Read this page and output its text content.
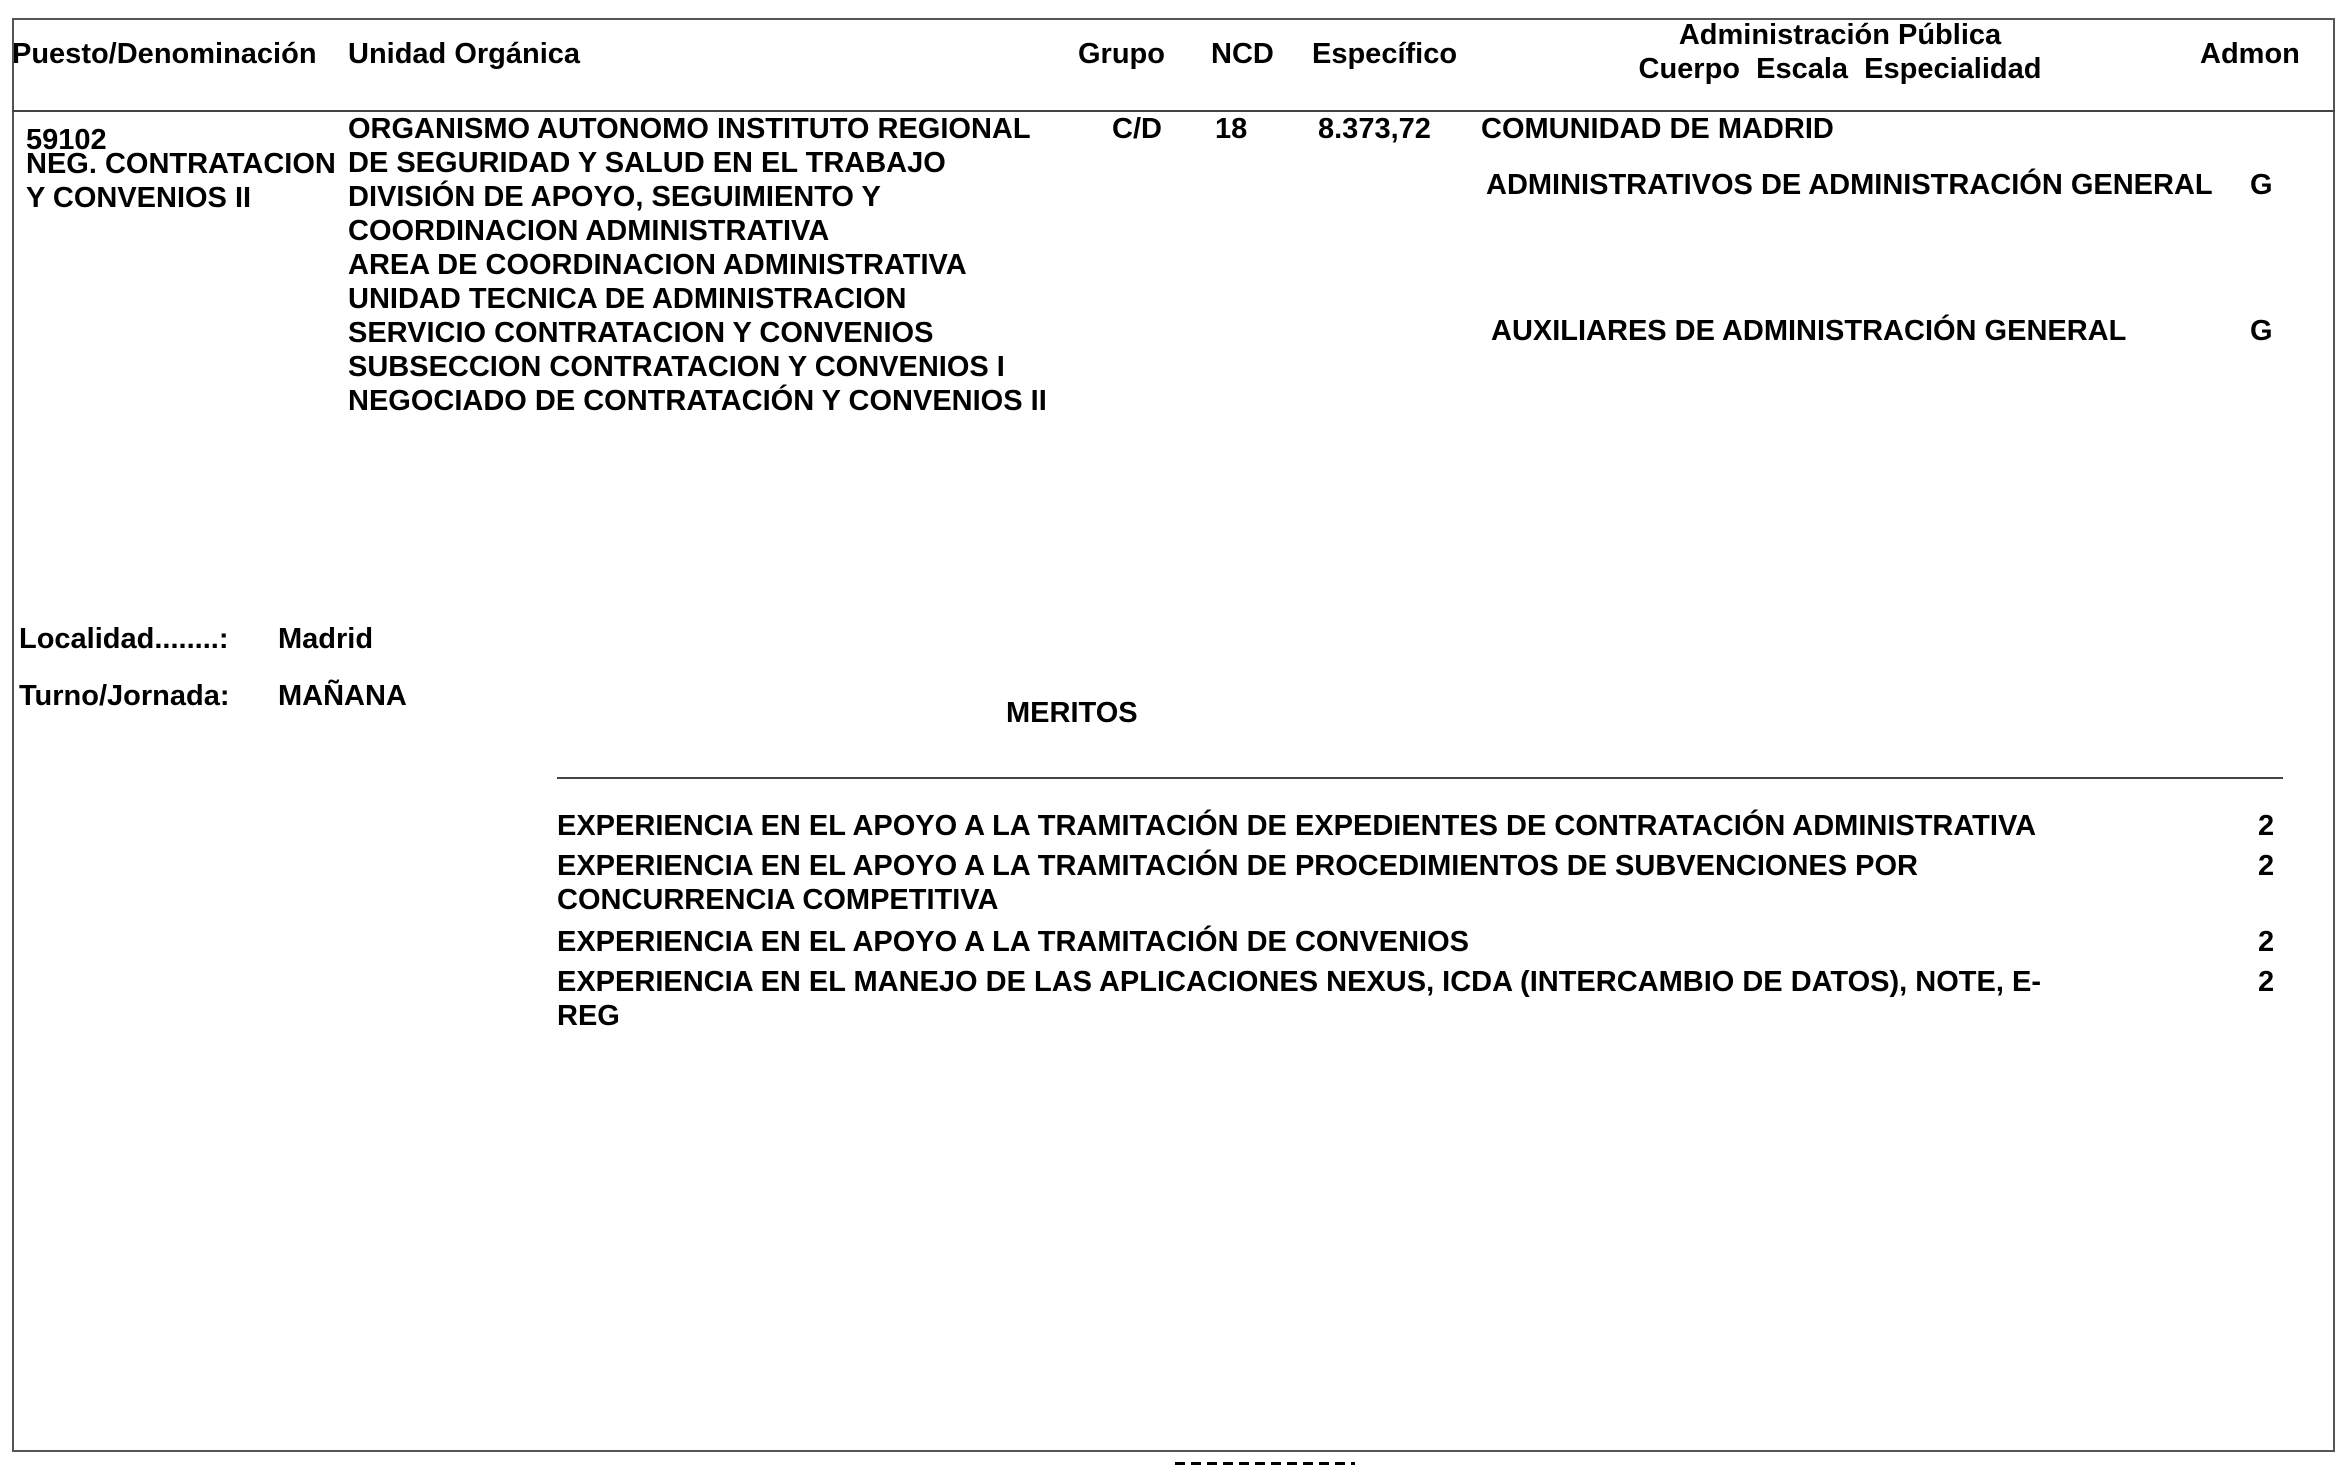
Puesto/Denominación Unidad Orgánica	Grupo NCD Específico
Administración Pública
Cuerpo  Escala  Especialidad	Admon
59102
NEG. CONTRATACION
Y CONVENIOS II
ORGANISMO AUTONOMO INSTITUTO REGIONAL
DE SEGURIDAD Y SALUD EN EL TRABAJO
DIVISIÓN DE APOYO, SEGUIMIENTO Y
COORDINACION ADMINISTRATIVA
AREA DE COORDINACION ADMINISTRATIVA
UNIDAD TECNICA DE ADMINISTRACION
SERVICIO CONTRATACION Y CONVENIOS
SUBSECCION CONTRATACION Y CONVENIOS I
NEGOCIADO DE CONTRATACIÓN Y CONVENIOS II
C/D 18 8.373,72 COMUNIDAD DE MADRID
ADMINISTRATIVOS DE ADMINISTRACIÓN GENERAL G
AUXILIARES DE ADMINISTRACIÓN GENERAL	G
Localidad........: Madrid
Turno/Jornada: MAÑANA
MERITOS
EXPERIENCIA EN EL APOYO A LA TRAMITACIÓN DE EXPEDIENTES DE CONTRATACIÓN ADMINISTRATIVA	2
EXPERIENCIA EN EL APOYO A LA TRAMITACIÓN DE PROCEDIMIENTOS DE SUBVENCIONES POR
CONCURRENCIA COMPETITIVA
2
EXPERIENCIA EN EL APOYO A LA TRAMITACIÓN DE CONVENIOS	2
EXPERIENCIA EN EL MANEJO DE LAS APLICACIONES NEXUS, ICDA (INTERCAMBIO DE DATOS), NOTE, E-
REG
2
